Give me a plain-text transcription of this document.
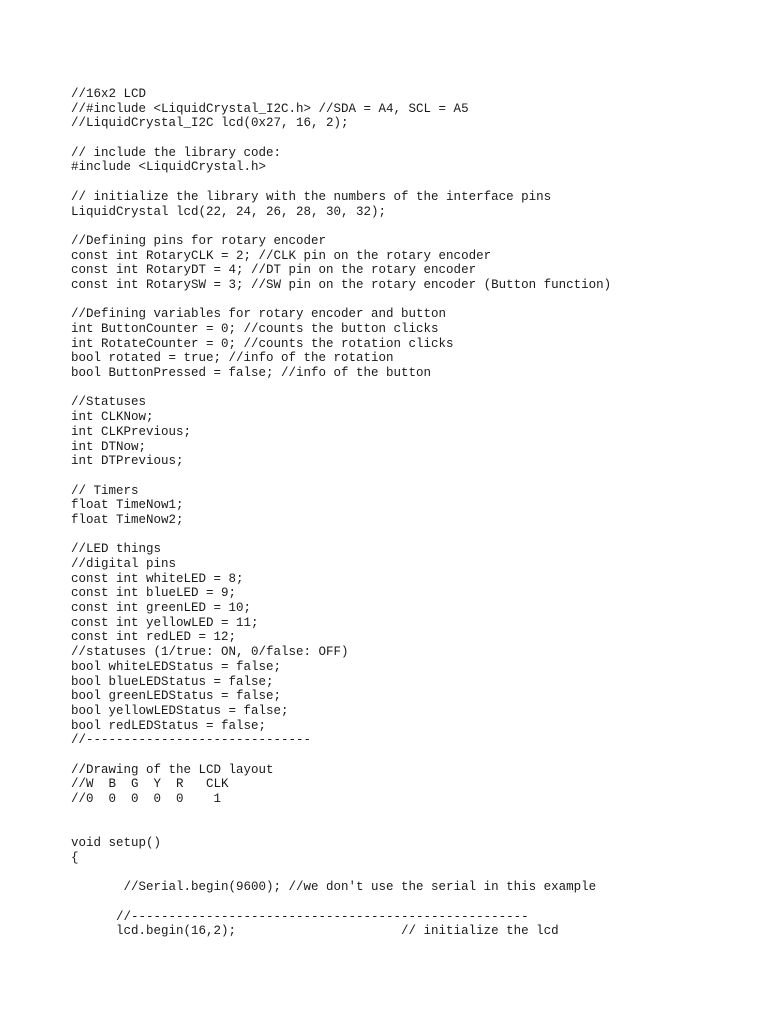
//16x2 LCD
//#include <LiquidCrystal_I2C.h> //SDA = A4, SCL = A5
//LiquidCrystal_I2C lcd(0x27, 16, 2);
// include the library code:
#include <LiquidCrystal.h>
// initialize the library with the numbers of the interface pins
LiquidCrystal lcd(22, 24, 26, 28, 30, 32);
//Defining pins for rotary encoder
const int RotaryCLK = 2; //CLK pin on the rotary encoder
const int RotaryDT = 4; //DT pin on the rotary encoder
const int RotarySW = 3; //SW pin on the rotary encoder (Button function)
//Defining variables for rotary encoder and button
int ButtonCounter = 0; //counts the button clicks
int RotateCounter = 0; //counts the rotation clicks
bool rotated = true; //info of the rotation
bool ButtonPressed = false; //info of the button
//Statuses
int CLKNow;
int CLKPrevious;
int DTNow;
int DTPrevious;
// Timers
float TimeNow1;
float TimeNow2;
//LED things
//digital pins
const int whiteLED = 8;
const int blueLED = 9;
const int greenLED = 10;
const int yellowLED = 11;
const int redLED = 12;
//statuses (1/true: ON, 0/false: OFF)
bool whiteLEDStatus = false;
bool blueLEDStatus = false;
bool greenLEDStatus = false;
bool yellowLEDStatus = false;
bool redLEDStatus = false;
//------------------------------
//Drawing of the LCD layout
//W  B  G  Y  R   CLK
//0  0  0  0  0    1
void setup()
{
//Serial.begin(9600); //we don't use the serial in this example
//-----------------------------------------------------
lcd.begin(16,2);                      // initialize the lcd
